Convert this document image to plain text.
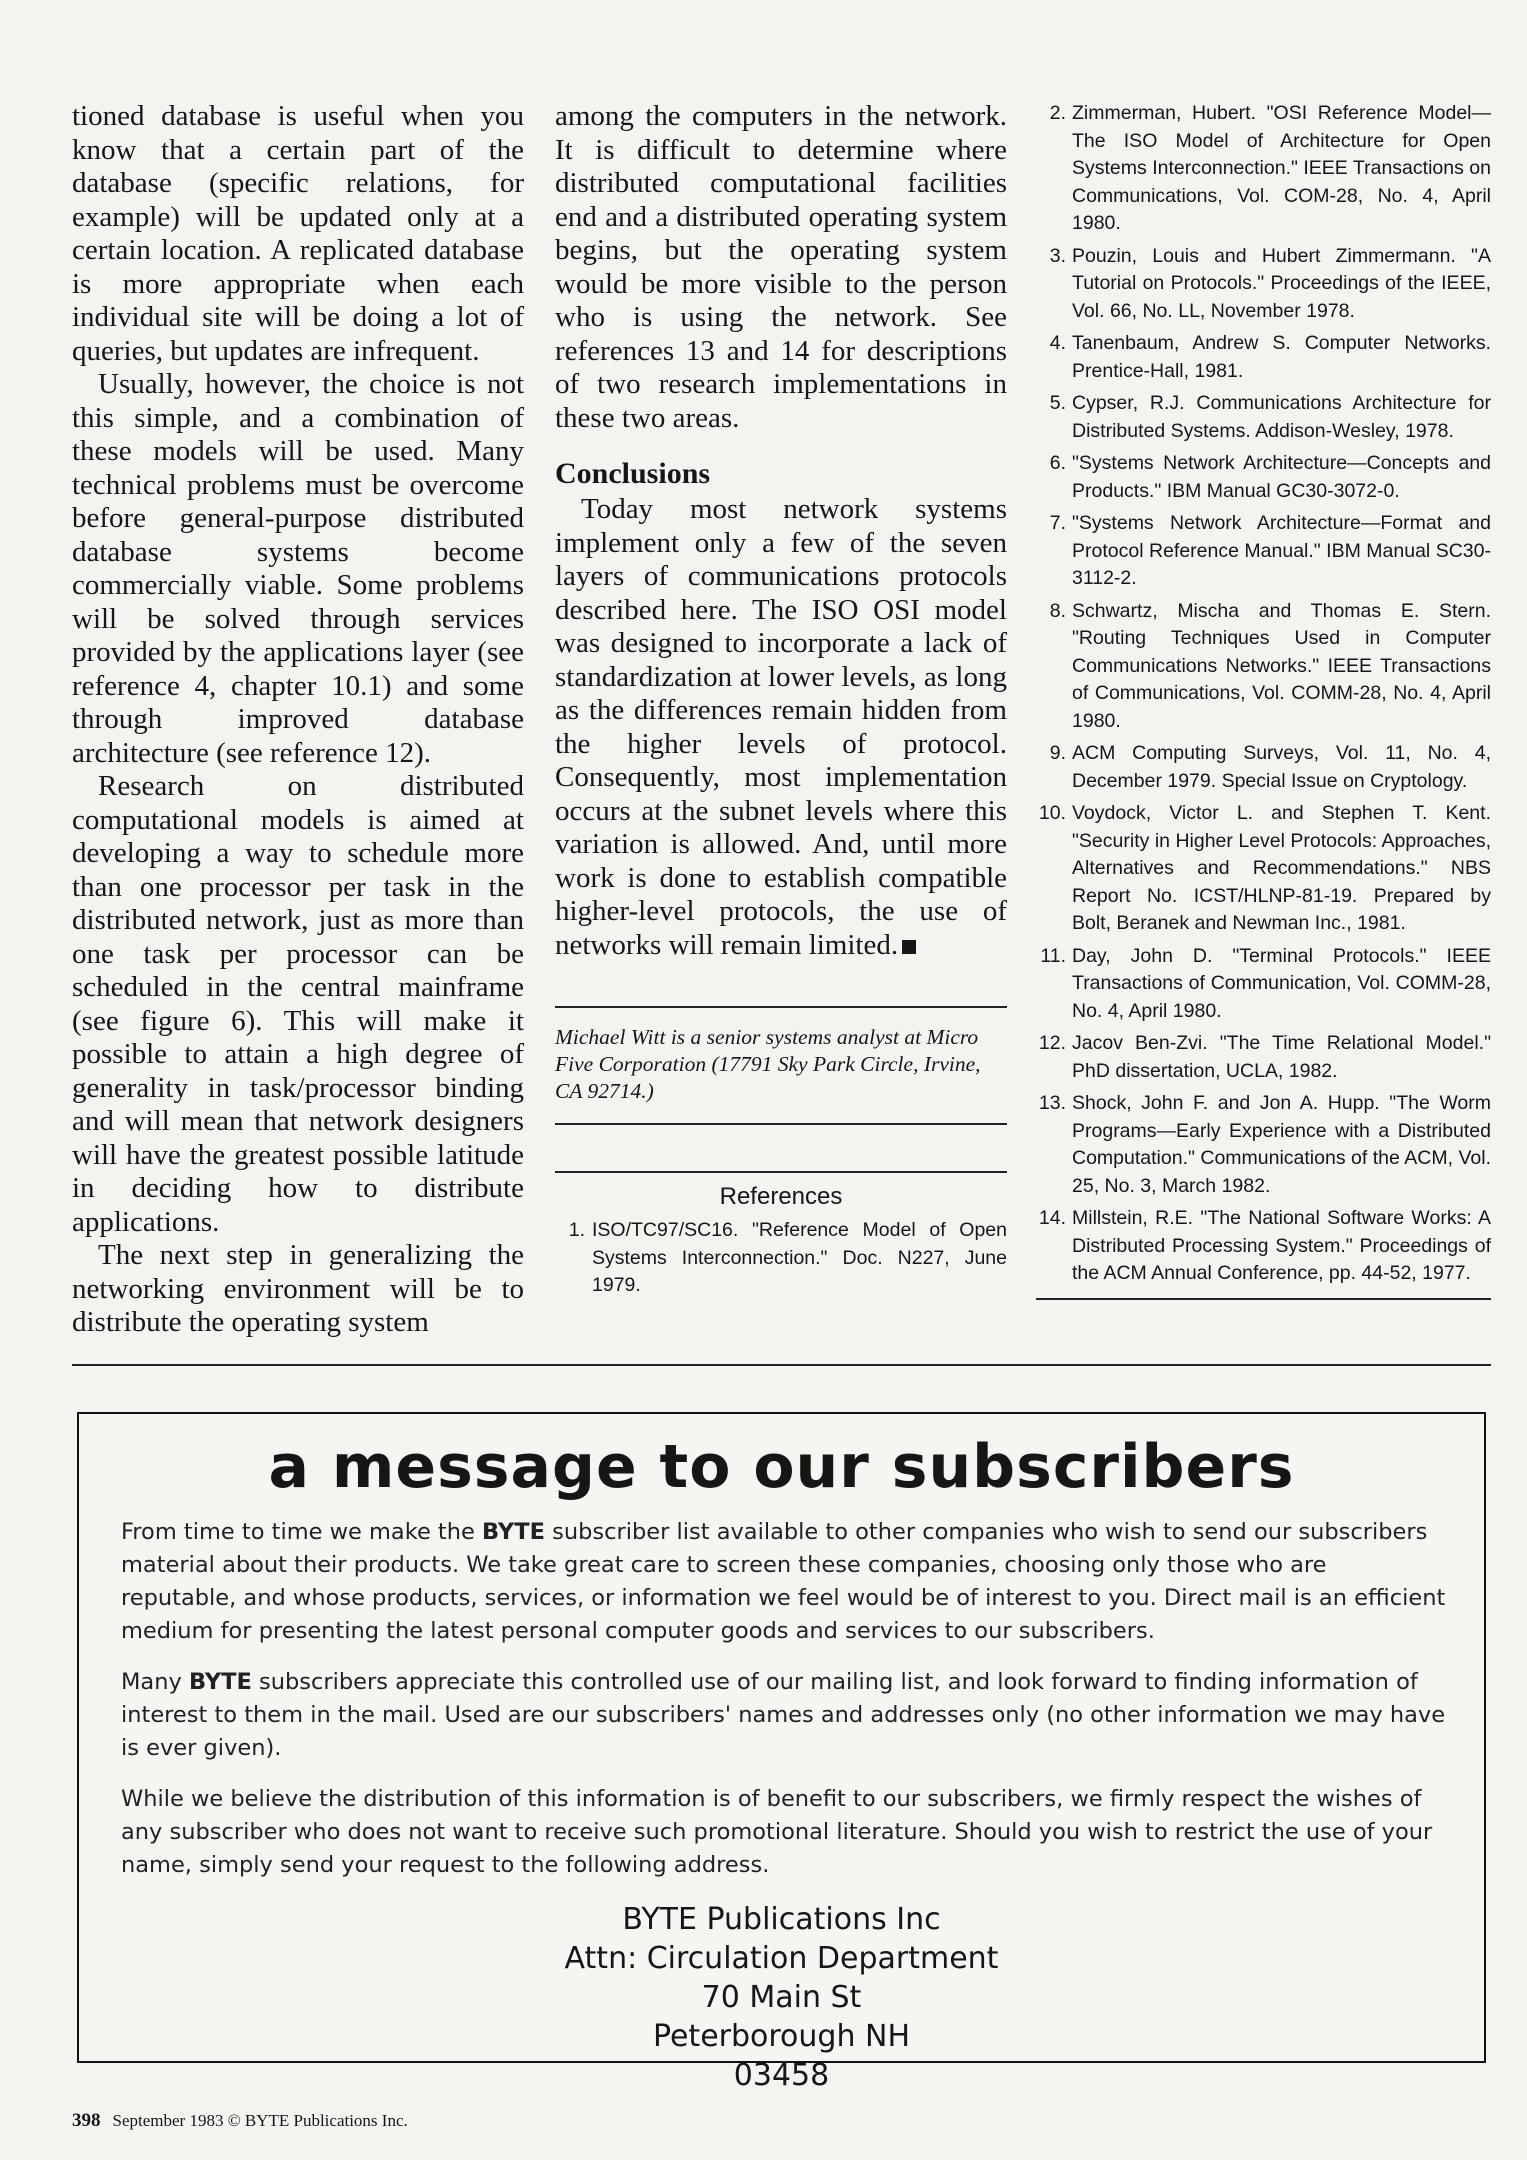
tioned database is useful when you know that a certain part of the database (specific relations, for example) will be updated only at a certain location. A replicated database is more appropriate when each individual site will be doing a lot of queries, but updates are infrequent.

Usually, however, the choice is not this simple, and a combination of these models will be used. Many technical problems must be overcome before general-purpose distributed database systems become commercially viable. Some problems will be solved through services provided by the applications layer (see reference 4, chapter 10.1) and some through improved database architecture (see reference 12).

Research on distributed computational models is aimed at developing a way to schedule more than one processor per task in the distributed network, just as more than one task per processor can be scheduled in the central mainframe (see figure 6). This will make it possible to attain a high degree of generality in task/processor binding and will mean that network designers will have the greatest possible latitude in deciding how to distribute applications.

The next step in generalizing the networking environment will be to distribute the operating system

among the computers in the network. It is difficult to determine where distributed computational facilities end and a distributed operating system begins, but the operating system would be more visible to the person who is using the network. See references 13 and 14 for descriptions of two research implementations in these two areas.

Conclusions

Today most network systems implement only a few of the seven layers of communications protocols described here. The ISO OSI model was designed to incorporate a lack of standardization at lower levels, as long as the differences remain hidden from the higher levels of protocol. Consequently, most implementation occurs at the subnet levels where this variation is allowed. And, until more work is done to establish compatible higher-level protocols, the use of networks will remain limited.

Michael Witt is a senior systems analyst at Micro Five Corporation (17791 Sky Park Circle, Irvine, CA 92714.)
References
1. ISO/TC97/SC16. "Reference Model of Open Systems Interconnection." Doc. N227, June 1979.
2. Zimmerman, Hubert. "OSI Reference Model—The ISO Model of Architecture for Open Systems Interconnection." IEEE Transactions on Communications, Vol. COM-28, No. 4, April 1980.
3. Pouzin, Louis and Hubert Zimmermann. "A Tutorial on Protocols." Proceedings of the IEEE, Vol. 66, No. LL, November 1978.
4. Tanenbaum, Andrew S. Computer Networks. Prentice-Hall, 1981.
5. Cypser, R.J. Communications Architecture for Distributed Systems. Addison-Wesley, 1978.
6. "Systems Network Architecture—Concepts and Products." IBM Manual GC30-3072-0.
7. "Systems Network Architecture—Format and Protocol Reference Manual." IBM Manual SC30-3112-2.
8. Schwartz, Mischa and Thomas E. Stern. "Routing Techniques Used in Computer Communications Networks." IEEE Transactions of Communications, Vol. COMM-28, No. 4, April 1980.
9. ACM Computing Surveys, Vol. 11, No. 4, December 1979. Special Issue on Cryptology.
10. Voydock, Victor L. and Stephen T. Kent. "Security in Higher Level Protocols: Approaches, Alternatives and Recommendations." NBS Report No. ICST/HLNP-81-19. Prepared by Bolt, Beranek and Newman Inc., 1981.
11. Day, John D. "Terminal Protocols." IEEE Transactions of Communication, Vol. COMM-28, No. 4, April 1980.
12. Jacov Ben-Zvi. "The Time Relational Model." PhD dissertation, UCLA, 1982.
13. Shock, John F. and Jon A. Hupp. "The Worm Programs—Early Experience with a Distributed Computation." Communications of the ACM, Vol. 25, No. 3, March 1982.
14. Millstein, R.E. "The National Software Works: A Distributed Processing System." Proceedings of the ACM Annual Conference, pp. 44-52, 1977.
a message to our subscribers

From time to time we make the BYTE subscriber list available to other companies who wish to send our subscribers material about their products. We take great care to screen these companies, choosing only those who are reputable, and whose products, services, or information we feel would be of interest to you. Direct mail is an efficient medium for presenting the latest personal computer goods and services to our subscribers.

Many BYTE subscribers appreciate this controlled use of our mailing list, and look forward to finding information of interest to them in the mail. Used are our subscribers' names and addresses only (no other information we may have is ever given).

While we believe the distribution of this information is of benefit to our subscribers, we firmly respect the wishes of any subscriber who does not want to receive such promotional literature. Should you wish to restrict the use of your name, simply send your request to the following address.

BYTE Publications Inc
Attn: Circulation Department
70 Main St
Peterborough NH
03458
398 September 1983 © BYTE Publications Inc.
